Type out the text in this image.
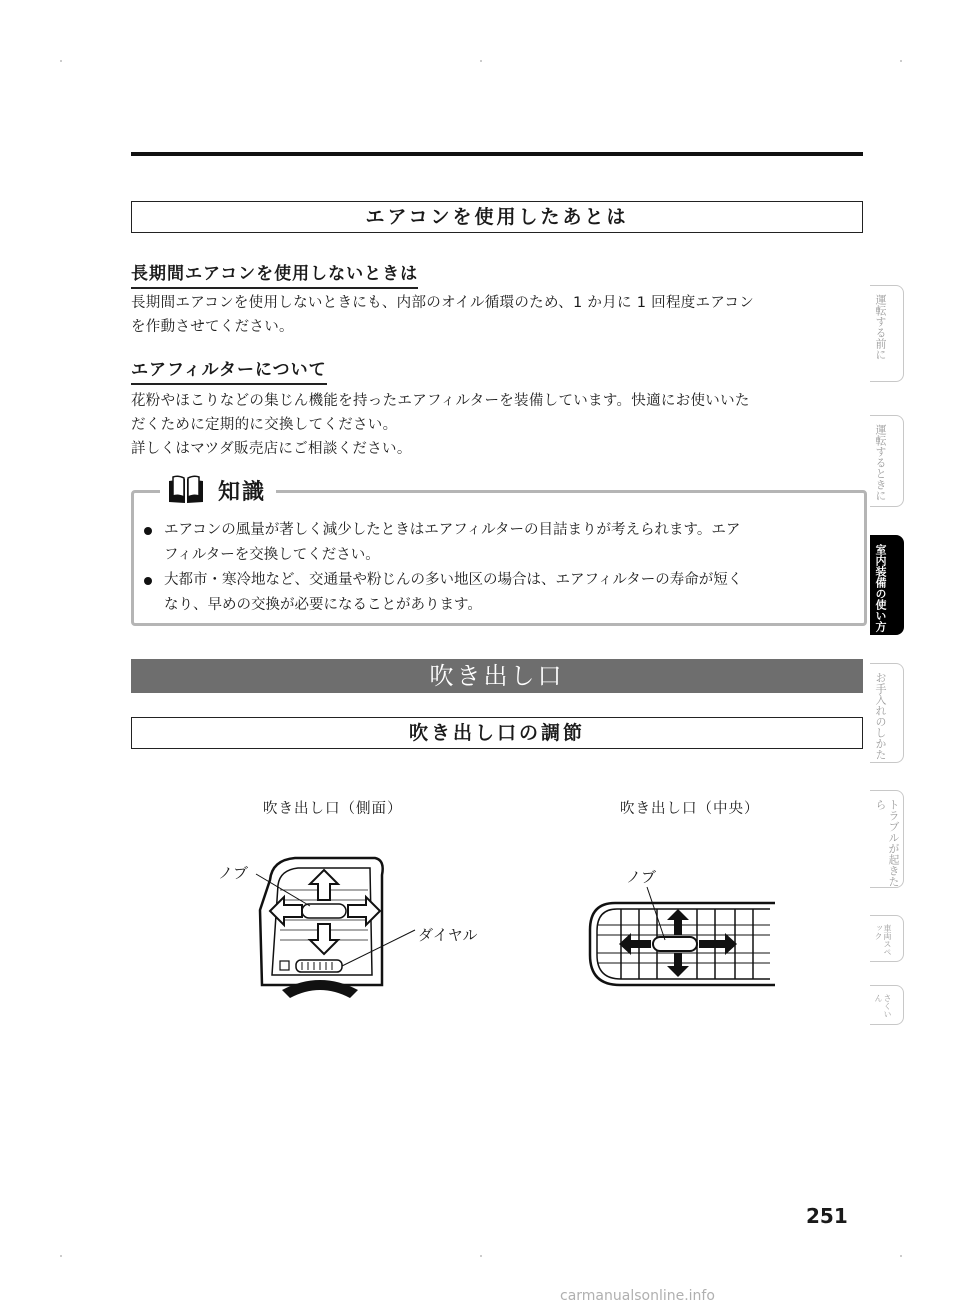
エアコンを使用したあとは
長期間エアコンを使用しないときは
長期間エアコンを使用しないときにも、内部のオイル循環のため、1 か月に 1 回程度エアコン
を作動させてください。
エアフィルターについて
花粉やほこりなどの集じん機能を持ったエアフィルターを装備しています。快適にお使いいた
だくために定期的に交換してください。
詳しくはマツダ販売店にご相談ください。
知識
エアコンの風量が著しく減少したときはエアフィルターの目詰まりが考えられます。エア
フィルターを交換してください。
大都市・寒冷地など、交通量や粉じんの多い地区の場合は、エアフィルターの寿命が短く
なり、早めの交換が必要になることがあります。
吹き出し口
吹き出し口の調節
吹き出し口（側面）
ノブ
ダイヤル
吹き出し口（中央）
ノブ
運転する前に
運転するときに
室内装備の使い方
お手入れのしかた
トラブルが起きたら
車両スペック
さくいん
251
carmanualsonline.info
